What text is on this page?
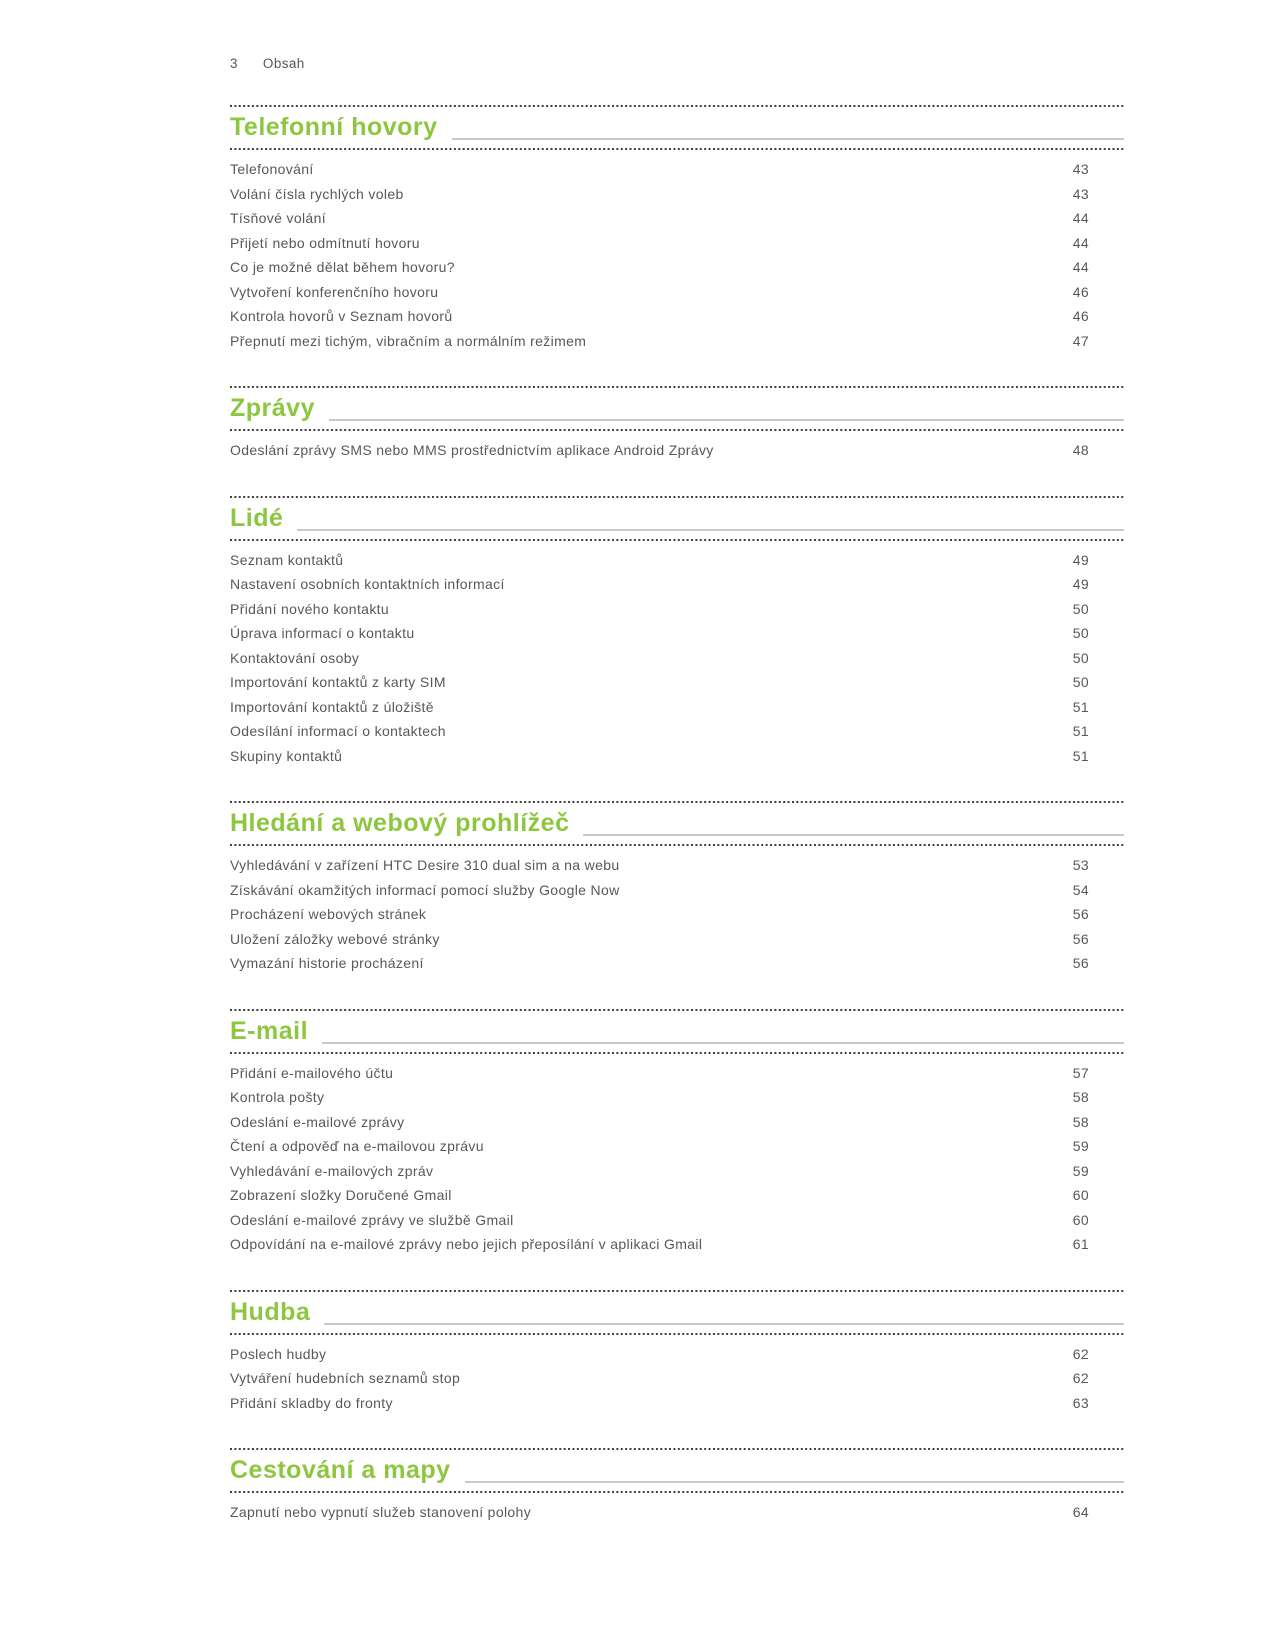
3 Obsah
Telefonní hovory
Telefonování	43
Volání čísla rychlých voleb	43
Tísňové volání	44
Přijetí nebo odmítnutí hovoru	44
Co je možné dělat během hovoru?	44
Vytvoření konferenčního hovoru	46
Kontrola hovorů v Seznam hovorů	46
Přepnutí mezi tichým, vibračním a normálním režimem	47
Zprávy
Odeslání zprávy SMS nebo MMS prostřednictvím aplikace Android Zprávy	48
Lidé
Seznam kontaktů	49
Nastavení osobních kontaktních informací	49
Přidání nového kontaktu	50
Úprava informací o kontaktu	50
Kontaktování osoby	50
Importování kontaktů z karty SIM	50
Importování kontaktů z úložiště	51
Odesílání informací o kontaktech	51
Skupiny kontaktů	51
Hledání a webový prohlížeč
Vyhledávání v zařízení HTC Desire 310 dual sim a na webu	53
Získávání okamžitých informací pomocí služby Google Now	54
Procházení webových stránek	56
Uložení záložky webové stránky	56
Vymazání historie procházení	56
E-mail
Přidání e-mailového účtu	57
Kontrola pošty	58
Odeslání e-mailové zprávy	58
Čtení a odpověď na e-mailovou zprávu	59
Vyhledávání e-mailových zpráv	59
Zobrazení složky Doručené Gmail	60
Odeslání e-mailové zprávy ve službě Gmail	60
Odpovídání na e-mailové zprávy nebo jejich přeposílání v aplikaci Gmail	61
Hudba
Poslech hudby	62
Vytváření hudebních seznamů stop	62
Přidání skladby do fronty	63
Cestování a mapy
Zapnutí nebo vypnutí služeb stanovení polohy	64
